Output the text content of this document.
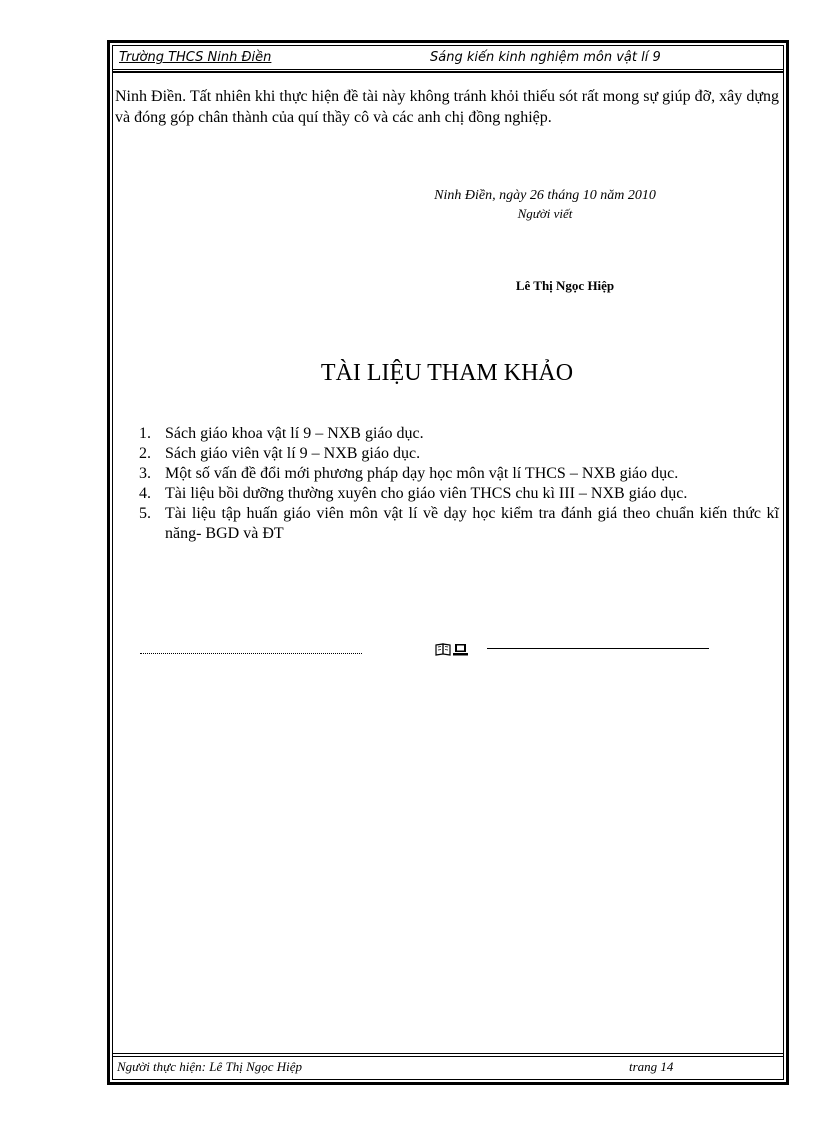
Trường THCS Ninh Điền	Sáng kiến kinh nghiệm môn vật lí 9
Ninh Điền. Tất nhiên khi thực hiện đề tài này không tránh khỏi thiếu sót rất mong sự giúp đỡ, xây dựng và đóng góp chân thành của quí thầy cô và các anh chị đồng nghiệp.
Ninh Điền, ngày 26 tháng 10 năm 2010
Người viết
Lê Thị Ngọc Hiệp
TÀI LIỆU THAM KHẢO
1. Sách giáo khoa vật lí 9 – NXB giáo dục.
2. Sách giáo viên vật lí 9 – NXB giáo dục.
3. Một số vấn đề đổi mới phương pháp dạy học môn vật lí THCS – NXB giáo dục.
4. Tài liệu bồi dưỡng thường xuyên cho giáo viên THCS chu kì III – NXB giáo dục.
5. Tài liệu tập huấn giáo viên môn vật lí về dạy học kiểm tra đánh giá theo chuẩn kiến thức kĩ năng- BGD và ĐT
Người thực hiện: Lê Thị Ngọc Hiệp	trang 14
